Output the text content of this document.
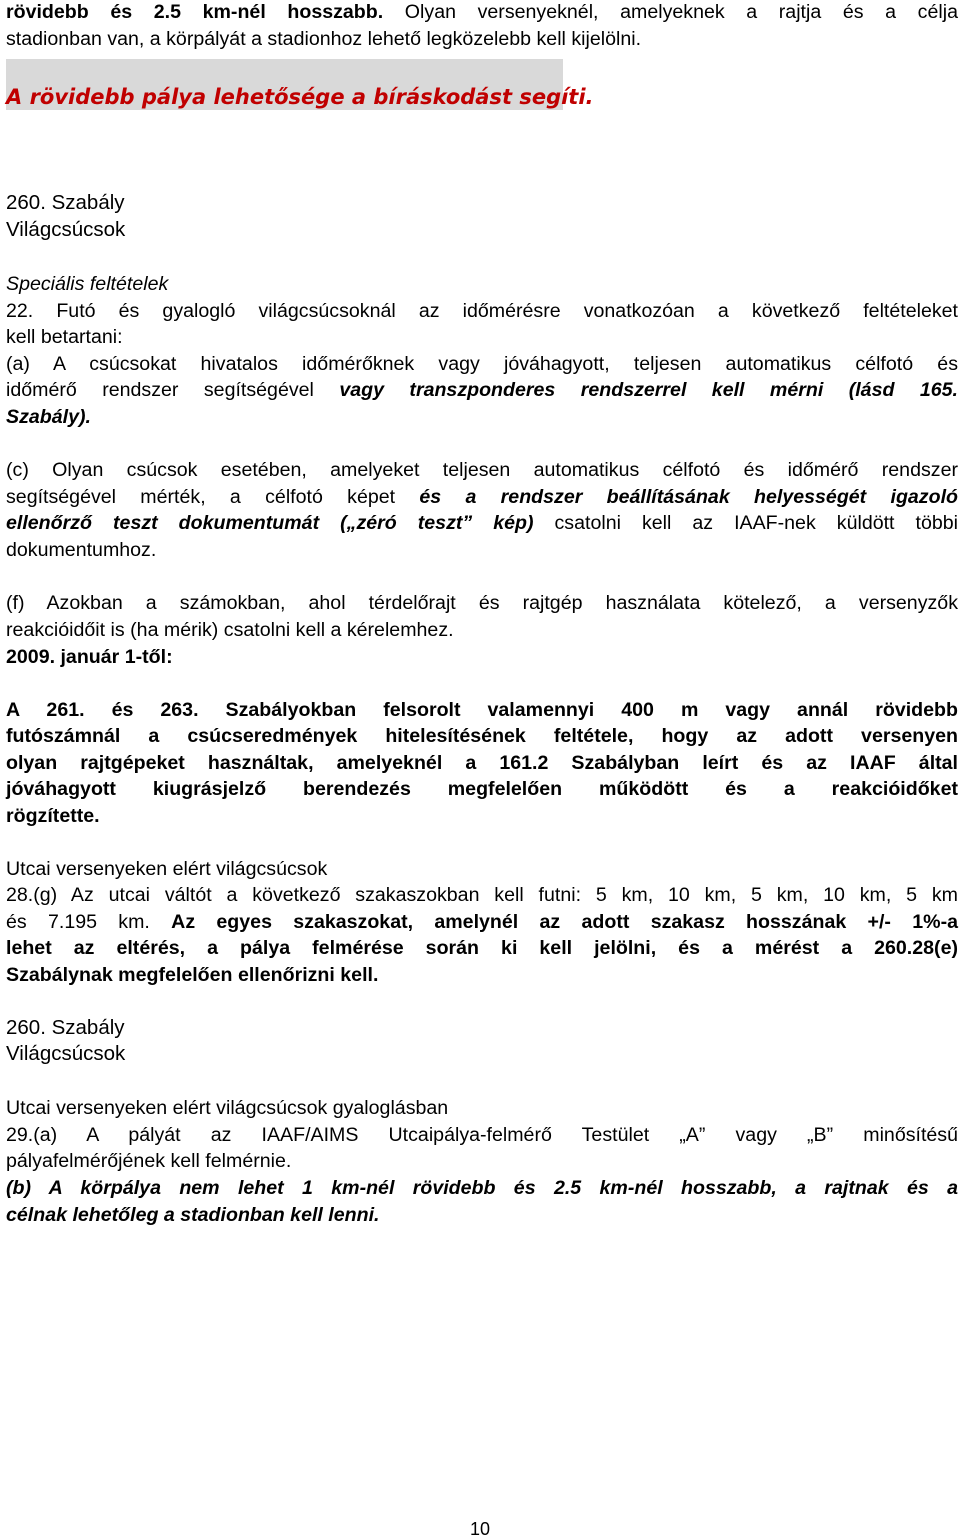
rövidebb és 2.5 km-nél hosszabb. Olyan versenyeknél, amelyeknek a rajtja és a célja
stadionban van, a körpályát a stadionhoz lehető legközelebb kell kijelölni.
A rövidebb pálya lehetősége a bíráskodást segíti.
260. Szabály
Világcsúcsok
Speciális feltételek
22. Futó és gyalogló világcsúcsoknál az időmérésre vonatkozóan a következő feltételeket
kell betartani:
(a) A csúcsokat hivatalos időmérőknek vagy jóváhagyott, teljesen automatikus célfotó és
időmérő rendszer segítségével vagy transzponderes rendszerrel kell mérni (lásd 165.
Szabály).
(c) Olyan csúcsok esetében, amelyeket teljesen automatikus célfotó és időmérő rendszer
segítségével mérték, a célfotó képet és a rendszer beállításának helyességét igazoló
ellenőrző teszt dokumentumát („zéró teszt” kép) csatolni kell az IAAF-nek küldött többi
dokumentumhoz.
(f) Azokban a számokban, ahol térdelőrajt és rajtgép használata kötelező, a versenyzők
reakcióidőit is (ha mérik) csatolni kell a kérelemhez.
2009. január 1-től:
A 261. és 263. Szabályokban felsorolt valamennyi 400 m vagy annál rövidebb
futószámnál a csúcseredmények hitelesítésének feltétele, hogy az adott versenyen
olyan rajtgépeket használtak, amelyeknél a 161.2 Szabályban leírt és az IAAF által
jóváhagyott kiugrásjelző berendezés megfelelően működött és a reakcióidőket
rögzítette.
Utcai versenyeken elért világcsúcsok
28.(g) Az utcai váltót a következő szakaszokban kell futni: 5 km, 10 km, 5 km, 10 km, 5 km
és 7.195 km. Az egyes szakaszokat, amelynél az adott szakasz hosszának +/- 1%-a
lehet az eltérés, a pálya felmérése során ki kell jelölni, és a mérést a 260.28(e)
Szabálynak megfelelően ellenőrizni kell.
260. Szabály
Világcsúcsok
Utcai versenyeken elért világcsúcsok gyaloglásban
29.(a) A pályát az IAAF/AIMS Utcaipálya-felmérő Testület „A” vagy „B” minősítésű
pályafelmérőjének kell felmérnie.
(b) A körpálya nem lehet 1 km-nél rövidebb és 2.5 km-nél hosszabb, a rajtnak és a
célnak lehetőleg a stadionban kell lenni.
10
